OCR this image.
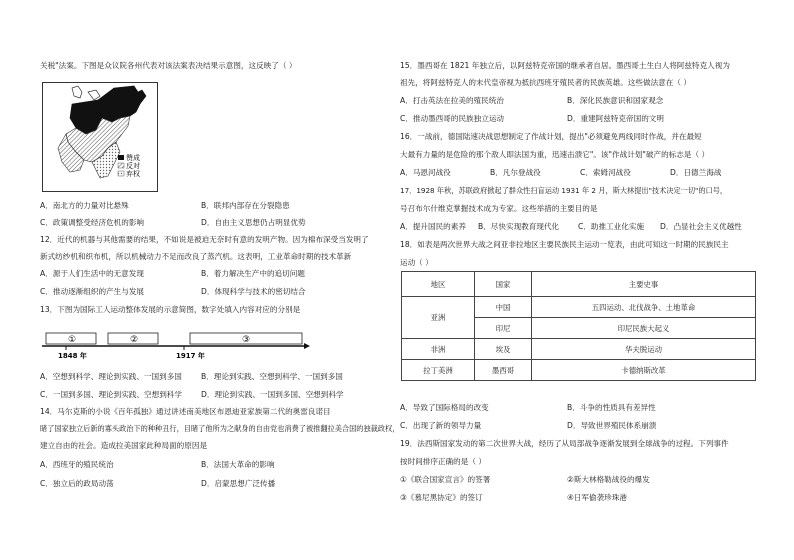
关税"法案。下图是众议院各州代表对该法案表决结果示意图，这反映了（ ）
赞成
反对
弃权
A．南北方的力量对比悬殊	B．联邦内部存在分裂隐患
C．政策调整受经济危机的影响	D．自由主义思想仍占明显优势
12．近代的机器与其他需要的结果，不如说是被迫无奈时有意的发明产物。因为棉布深受当发明了
新式纺纱机和织布机，所以机械动力不足而改良了蒸汽机。这表明，工业革命时期的技术革新
A．源于人们生活中的无意发现	B．着力解决生产中的追切问题
C．推动逐渐组织的产生与发展	D．体现科学与技术的密切结合
13．下图为国际工人运动整体发展的示意简图，数字处填入内容对应的分别是
①	②	③
1848 年	1917 年
A．空想到科学、理论到实践、一国到多国	B．理论到实践、空想到科学、一国到多国
C．一国到多国、理论到实践、空想到科学	D．理论到实践、一国到多国、空想到科学
14．马尔克斯的小说《百年孤独》通过讲述南美地区布恩迪亚家族第二代的奥雷良诺目
睹了国家独立后新的寡头政治下的种种丑行，目睹了他所为之献身的自由党也消费了被推翻拉美合国的独裁政权，
建立自由的社会。造成拉美国家此种局面的原因是
A．西班牙的殖民统治	B．法国大革命的影响
C．独立后的政局动荡	D．启蒙思想广泛传播
15．墨西哥在 1821 年独立后，以阿兹特克帝国的继承者自居。墨西哥土生白人将阿兹特克人视为
祖先，将阿兹特克人的末代皇帝视为抵抗西班牙殖民者的民族英雄。这些做法意在（ ）
A．打击英法在拉美的殖民统治	B．深化民族意识和国家观念
C．推动墨西哥的民族独立运动	D．重建阿兹特克帝国的文明
16．一战前，德国陆速决战思想制定了作战计划，提出"必须避免两线同时作战，并在最短
大最有力量的是危险的那个敌人即法国为重，迅速击溃它"。该"作战计划"破产的标志是（ ）
A．马恩河战役	B．凡尔登战役	C．索姆河战役	D．日德兰海战
17．1928 年秋，苏联政府掀起了群众性扫盲运动 1931 年 2 月，斯大林提出"技术决定一切"的口号，
号召布尔什维克掌握技术成为专家。这些举措的主要目的是
A．提升国民的素养 B．尽快实现教育现代化 C．助推工业化实施 D．凸显社会主义优越性
18．如表是两次世界大战之间亚非拉地区主要民族民主运动一览表，由此可知这一时期的民族民主
运动（ ）
地区	国家	主要史事
亚洲	中国	五四运动、北伐战争、土地革命
	印尼	印尼民族大起义
非洲	埃及	华夫脱运动
拉丁美洲	墨西哥	卡德纳斯改革
A．导致了国际格局的改变	B．斗争的性质具有差异性
C．出现了新的领导力量	D．导致世界殖民体系崩溃
19．法西斯国家发动的第二次世界大战，经历了从局部战争逐渐发展到全球战争的过程。下列事件
按时间排序正确的是（ ）
①《联合国家宣言》的签署	②斯大林格勒战役的爆发
③《慕尼黑协定》的签订	④日军偷袭珍珠港
